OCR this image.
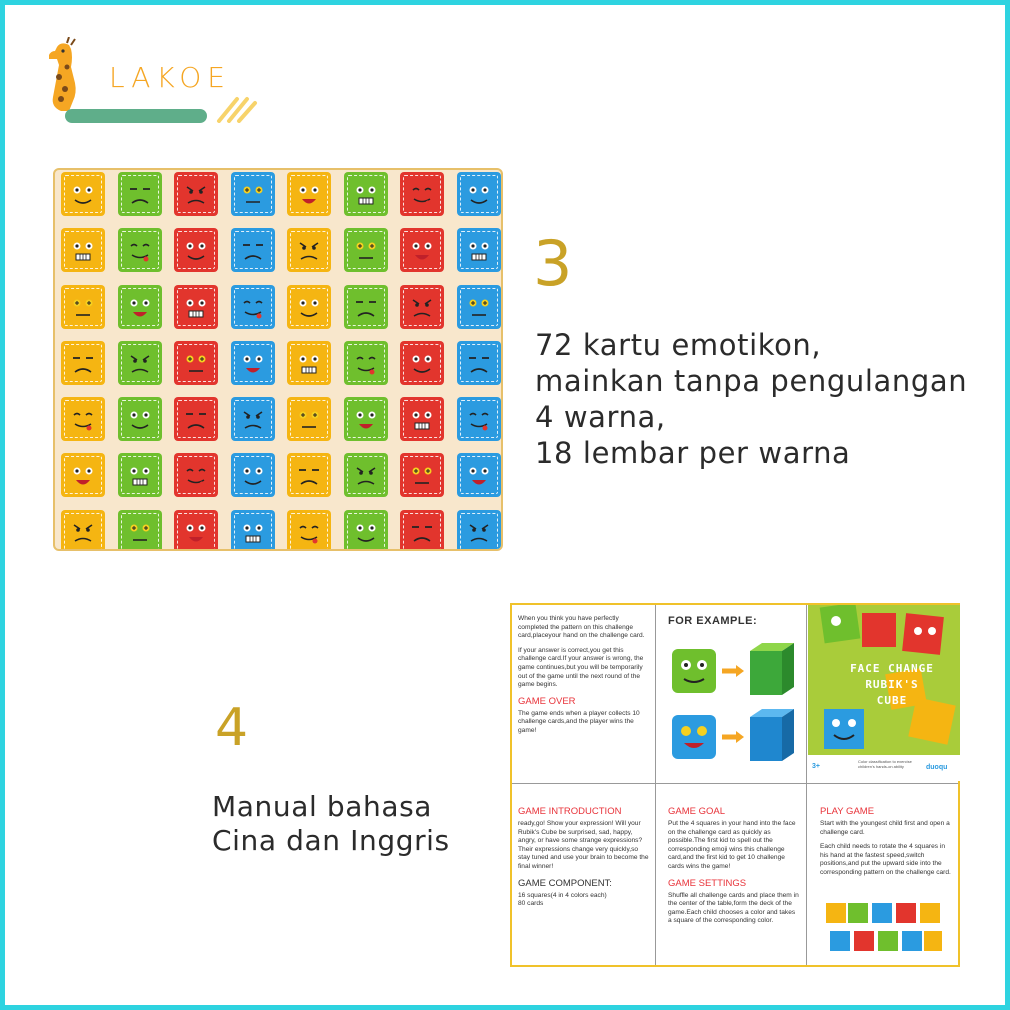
LAKOE
3
72 kartu emotikon,
mainkan tanpa pengulangan
4 warna,
18 lembar per warna
4
Manual bahasa
Cina dan Inggris

When you think you have perfectly completed the pattern on this challenge card,placeyour hand on the challenge card.

If your answer is correct,you get this challenge card.If your answer is wrong, the game continues,but you will be temporarily out of the game until the next round of the game begins.

GAME OVER

The game ends when a player collects 10 challenge cards,and the player wins the game!

FOR EXAMPLE:
FACE CHANGE
RUBIK'S
CUBE
3+
Color classification to exercise children's hands-on ability	duoqu
GAME INTRODUCTION

ready,go! Show your expression! Will your Rubik's Cube be surprised, sad, happy, angry, or have some strange expressions? Their expressions change very quickly,so stay tuned and use your brain to become the final winner!

GAME COMPONENT:
16 squares(4 in 4 colors each)
80 cards
GAME GOAL

Put the 4 squares in your hand into the face on the challenge card as quickly as possible.The first kid to spell out the corresponding emoji wins this challenge card,and the first kid to get 10 challenge cards wins the game!

GAME SETTINGS

Shuffle all challenge cards and place them in the center of the table,form the deck of the game.Each child chooses a color and takes a square of the corresponding color.

PLAY GAME

Start with the youngest child first and open a challenge card.

Each child needs to rotate the 4 squares in his hand at the fastest speed,switch positions,and put the upward side into the corresponding pattern on the challenge card.
